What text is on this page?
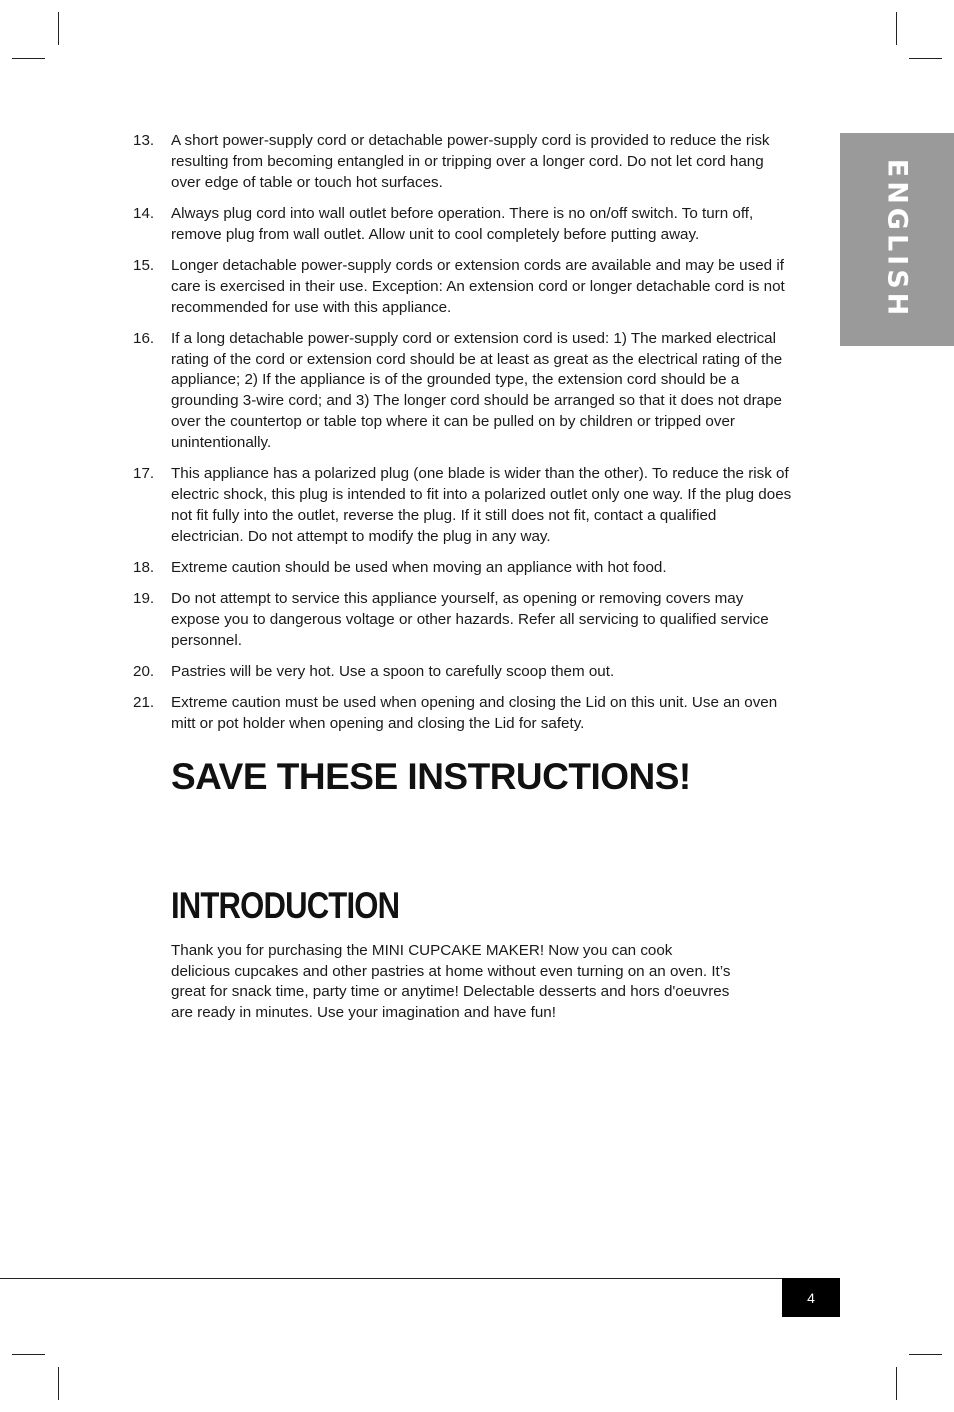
ENGLISH
13. A short power-supply cord or detachable power-supply cord is provided to reduce the risk resulting from becoming entangled in or tripping over a longer cord. Do not let cord hang over edge of table or touch hot surfaces.
14. Always plug cord into wall outlet before operation. There is no on/off switch. To turn off, remove plug from wall outlet. Allow unit to cool completely before putting away.
15. Longer detachable power-supply cords or extension cords are available and may be used if care is exercised in their use. Exception: An extension cord or longer detachable cord is not recommended for use with this appliance.
16. If a long detachable power-supply cord or extension cord is used: 1) The marked electrical rating of the cord or extension cord should be at least as great as the electrical rating of the appliance; 2) If the appliance is of the grounded type, the extension cord should be a grounding 3-wire cord; and 3) The longer cord should be arranged so that it does not drape over the countertop or table top where it can be pulled on by children or tripped over unintentionally.
17. This appliance has a polarized plug (one blade is wider than the other). To reduce the risk of electric shock, this plug is intended to fit into a polarized outlet only one way. If the plug does not fit fully into the outlet, reverse the plug. If it still does not fit, contact a qualified electrician. Do not attempt to modify the plug in any way.
18. Extreme caution should be used when moving an appliance with hot food.
19. Do not attempt to service this appliance yourself, as opening or removing covers may expose you to dangerous voltage or other hazards. Refer all servicing to qualified service personnel.
20. Pastries will be very hot. Use a spoon to carefully scoop them out.
21. Extreme caution must be used when opening and closing the Lid on this unit. Use an oven mitt or pot holder when opening and closing the Lid for safety.
SAVE THESE INSTRUCTIONS!
INTRODUCTION

Thank you for purchasing the MINI CUPCAKE MAKER! Now you can cook delicious cupcakes and other pastries at home without even turning on an oven. It’s great for snack time, party time or anytime! Delectable desserts and hors d'oeuvres are ready in minutes. Use your imagination and have fun!

4
